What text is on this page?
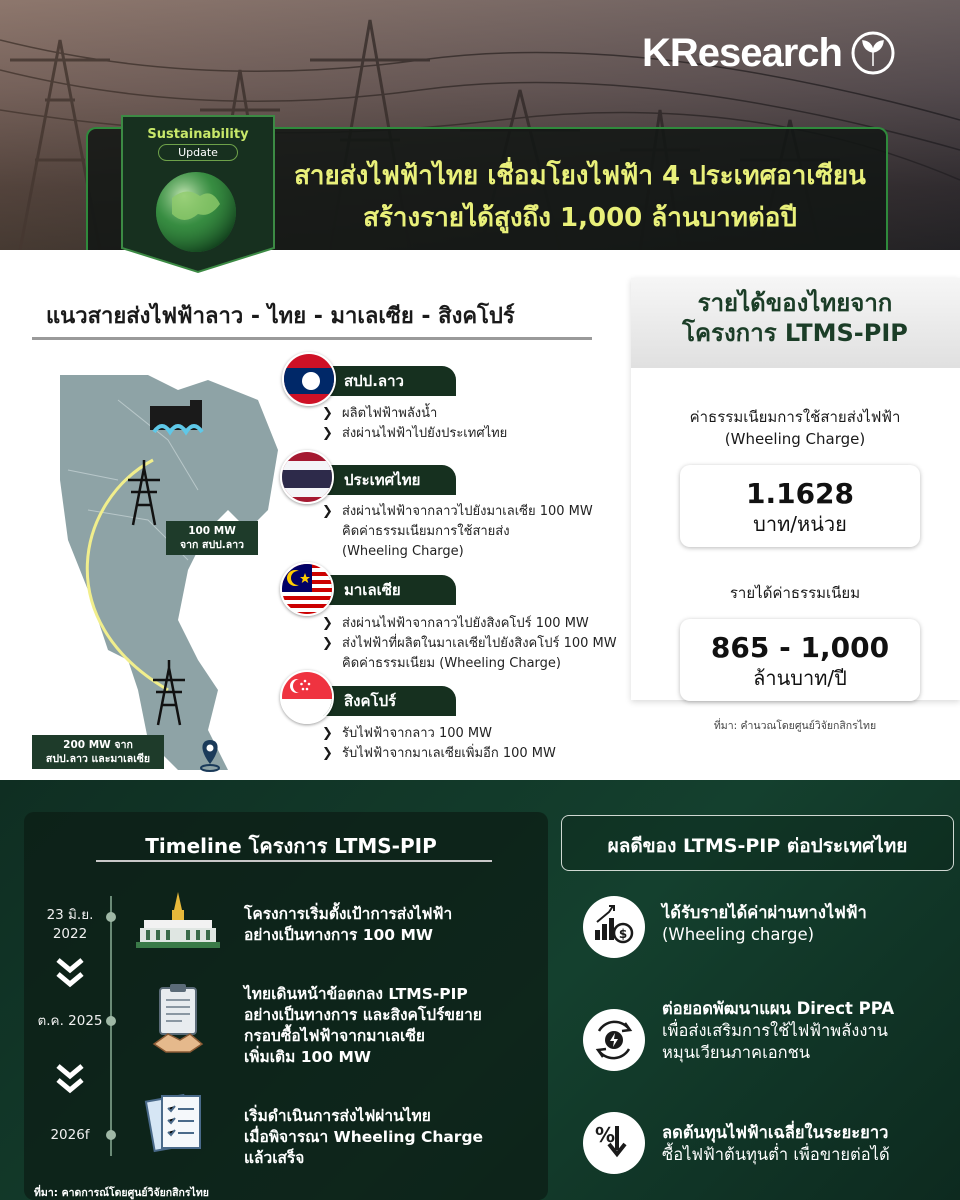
KResearch
Sustainability
Update
สายส่งไฟฟ้าไทย เชื่อมโยงไฟฟ้า 4 ประเทศอาเซียน
สร้างรายได้สูงถึง 1,000 ล้านบาทต่อปี
แนวสายส่งไฟฟ้าลาว - ไทย - มาเลเซีย - สิงคโปร์
100 MW
จาก สปป.ลาว
200 MW จาก
สปป.ลาว และมาเลเซีย
สปป.ลาว
❯ ผลิตไฟฟ้าพลังน้ำ
❯ ส่งผ่านไฟฟ้าไปยังประเทศไทย
ประเทศไทย
❯ ส่งผ่านไฟฟ้าจากลาวไปยังมาเลเซีย 100 MW
คิดค่าธรรมเนียมการใช้สายส่ง
(Wheeling Charge)
มาเลเซีย
❯ ส่งผ่านไฟฟ้าจากลาวไปยังสิงคโปร์ 100 MW
❯ ส่งไฟฟ้าที่ผลิตในมาเลเซียไปยังสิงคโปร์ 100 MW
คิดค่าธรรมเนียม (Wheeling Charge)
สิงคโปร์
❯ รับไฟฟ้าจากลาว 100 MW
❯ รับไฟฟ้าจากมาเลเซียเพิ่มอีก 100 MW
รายได้ของไทยจาก
โครงการ LTMS-PIP
ค่าธรรมเนียมการใช้สายส่งไฟฟ้า
(Wheeling Charge)
1.1628
บาท/หน่วย
รายได้ค่าธรรมเนียม
865 - 1,000
ล้านบาท/ปี
ที่มา: คำนวณโดยศูนย์วิจัยกสิกรไทย
Timeline โครงการ LTMS-PIP
23 มิ.ย.
2022
โครงการเริ่มตั้งเป้าการส่งไฟฟ้า
อย่างเป็นทางการ 100 MW
ต.ค. 2025
ไทยเดินหน้าข้อตกลง LTMS-PIP
อย่างเป็นทางการ และสิงคโปร์ขยาย
กรอบซื้อไฟฟ้าจากมาเลเซีย
เพิ่มเติม 100 MW
2026f
เริ่มดำเนินการส่งไฟผ่านไทย
เมื่อพิจารณา Wheeling Charge
แล้วเสร็จ
ที่มา: คาดการณ์โดยศูนย์วิจัยกสิกรไทย
ผลดีของ LTMS-PIP ต่อประเทศไทย
$
ได้รับรายได้ค่าผ่านทางไฟฟ้า
(Wheeling charge)
ต่อยอดพัฒนาแผน Direct PPA
เพื่อส่งเสริมการใช้ไฟฟ้าพลังงาน
หมุนเวียนภาคเอกชน
%	ลดต้นทุนไฟฟ้าเฉลี่ยในระยะยาว
ซื้อไฟฟ้าต้นทุนต่ำ เพื่อขายต่อได้
